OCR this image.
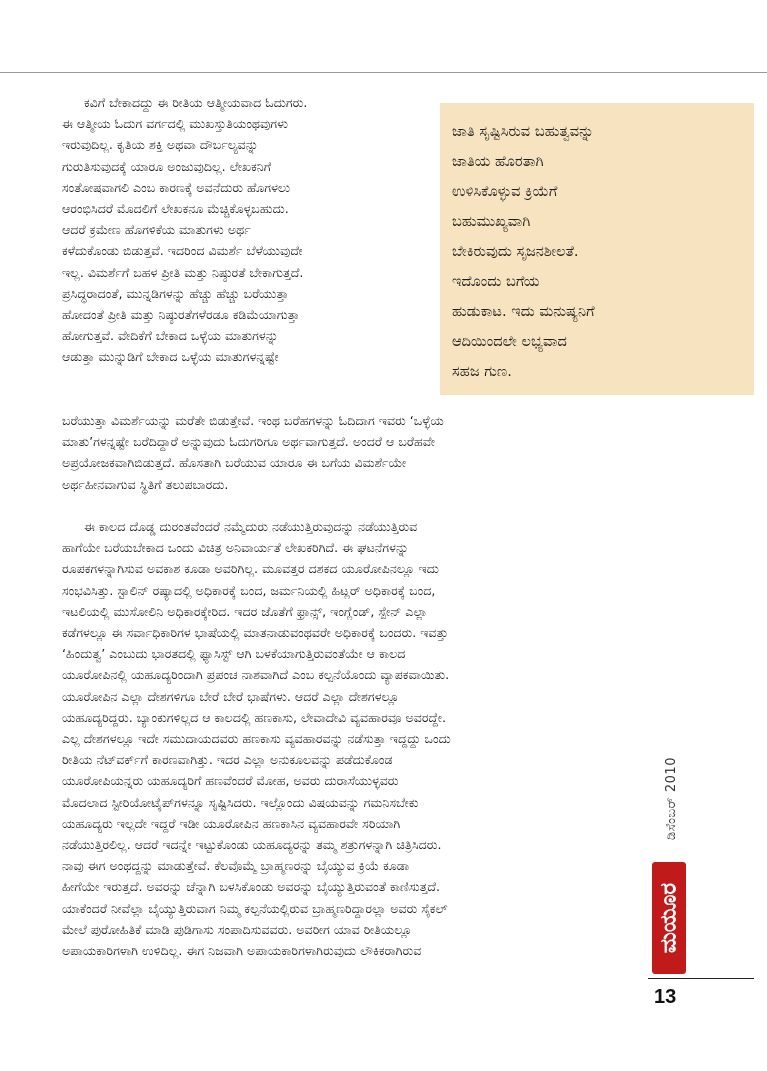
ಕವಿಗೆ ಬೇಕಾದದ್ದು ಈ ರೀತಿಯ ಆತ್ಮೀಯವಾದ ಓದುಗರು.
ಈ ಆತ್ಮೀಯ ಓದುಗ ವರ್ಗದಲ್ಲಿ ಮುಖಸ್ತುತಿಯಂಥವುಗಳು
ಇರುವುದಿಲ್ಲ. ಕೃತಿಯ ಶಕ್ತಿ ಅಥವಾ ದೌರ್ಬಲ್ಯವನ್ನು
ಗುರುತಿಸುವುದಕ್ಕೆ ಯಾರೂ ಅಂಜುವುದಿಲ್ಲ. ಲೇಖಕನಿಗೆ
ಸಂತೋಷವಾಗಲಿ ಎಂಬ ಕಾರಣಕ್ಕೆ ಅವನೆದುರು ಹೊಗಳಲು
ಆರಂಭಿಸಿದರೆ ಮೊದಲಿಗೆ ಲೇಖಕನೂ ಮೆಚ್ಚಿಕೊಳ್ಳಬಹುದು.
ಆದರೆ ಕ್ರಮೇಣ ಹೊಗಳಿಕೆಯ ಮಾತುಗಳು ಅರ್ಥ
ಕಳೆದುಕೊಂಡು ಬಿಡುತ್ತವೆ. ಇದರಿಂದ ವಿಮರ್ಶೆ ಬೆಳೆಯುವುದೇ
ಇಲ್ಲ. ವಿಮರ್ಶೆಗೆ ಬಹಳ ಪ್ರೀತಿ ಮತ್ತು ನಿಷ್ಠುರತೆ ಬೇಕಾಗುತ್ತದೆ.
ಪ್ರಸಿದ್ಧರಾದಂತೆ, ಮುನ್ನಡಿಗಳನ್ನು ಹೆಚ್ಚು ಹೆಚ್ಚು ಬರೆಯುತ್ತಾ
ಹೋದಂತೆ ಪ್ರೀತಿ ಮತ್ತು ನಿಷ್ಠುರತೆಗಳೆರಡೂ ಕಡಿಮೆಯಾಗುತ್ತಾ
ಹೋಗುತ್ತವೆ. ವೇದಿಕೆಗೆ ಬೇಕಾದ ಒಳ್ಳೆಯ ಮಾತುಗಳನ್ನು
ಆಡುತ್ತಾ ಮುನ್ನುಡಿಗೆ ಬೇಕಾದ ಒಳ್ಳೆಯ ಮಾತುಗಳನ್ನಷ್ಟೇ
ಜಾತಿ ಸೃಷ್ಟಿಸಿರುವ ಬಹುತ್ವವನ್ನು
ಜಾತಿಯ ಹೊರತಾಗಿ
ಉಳಿಸಿಕೊಳ್ಳುವ ಕ್ರಿಯೆಗೆ
ಬಹುಮುಖ್ಯವಾಗಿ
ಬೇಕಿರುವುದು ಸೃಜನಶೀಲತೆ.
ಇದೊಂದು ಬಗೆಯ
ಹುಡುಕಾಟ. ಇದು ಮನುಷ್ಯನಿಗೆ
ಆದಿಯಿಂದಲೇ ಲಭ್ಯವಾದ
ಸಹಜ ಗುಣ.
ಬರೆಯುತ್ತಾ ವಿಮರ್ಶೆಯನ್ನು ಮರೆತೇ ಬಿಡುತ್ತೇವೆ. ಇಂಥ ಬರೆಹಗಳನ್ನು ಓದಿದಾಗ ಇವರು ‘ಒಳ್ಳೆಯ
ಮಾತು’ಗಳನ್ನಷ್ಟೇ ಬರೆದಿದ್ದಾರೆ ಅನ್ನುವುದು ಓದುಗರಿಗೂ ಅರ್ಥವಾಗುತ್ತದೆ. ಅಂದರೆ ಆ ಬರೆಹವೇ
ಅಪ್ರಯೋಜಕವಾಗಿಬಿಡುತ್ತದೆ. ಹೊಸತಾಗಿ ಬರೆಯುವ ಯಾರೂ ಈ ಬಗೆಯ ವಿಮರ್ಶೆಯೇ
ಅರ್ಥಹೀನವಾಗುವ ಸ್ಥಿತಿಗೆ ತಲುಪಬಾರದು.
ಈ ಕಾಲದ ದೊಡ್ಡ ದುರಂತವೆಂದರೆ ನಮ್ಮೆದುರು ನಡೆಯುತ್ತಿರುವುದನ್ನು ನಡೆಯುತ್ತಿರುವ
ಹಾಗೆಯೇ ಬರೆಯಬೇಕಾದ ಒಂದು ವಿಚಿತ್ರ ಅನಿವಾರ್ಯತೆ ಲೇಖಕರಿಗಿದೆ. ಈ ಘಟನೆಗಳನ್ನು
ರೂಪಕಗಳನ್ನಾಗಿಸುವ ಅವಕಾಶ ಕೂಡಾ ಅವರಿಗಿಲ್ಲ. ಮೂವತ್ತರ ದಶಕದ ಯೂರೋಪಿನಲ್ಲೂ ಇದು
ಸಂಭವಿಸಿತ್ತು. ಸ್ಟಾಲಿನ್ ರಷ್ಯಾದಲ್ಲಿ ಅಧಿಕಾರಕ್ಕೆ ಬಂದ, ಜರ್ಮನಿಯಲ್ಲಿ ಹಿಟ್ಲರ್ ಅಧಿಕಾರಕ್ಕೆ ಬಂದ,
ಇಟಲಿಯಲ್ಲಿ ಮುಸೋಲಿನಿ ಅಧಿಕಾರಕ್ಕೇರಿದ. ಇದರ ಜೊತೆಗೆ ಫ್ರಾನ್ಸ್, ಇಂಗ್ಲೆಂಡ್, ಸ್ಪೇನ್ ಎಲ್ಲಾ
ಕಡೆಗಳಲ್ಲೂ ಈ ಸರ್ವಾಧಿಕಾರಿಗಳ ಭಾಷೆಯಲ್ಲಿ ಮಾತನಾಡುವಂಥವರೇ ಅಧಿಕಾರಕ್ಕೆ ಬಂದರು. ಇವತ್ತು
‘ಹಿಂದುತ್ವ’ ಎಂಬುದು ಭಾರತದಲ್ಲಿ ಫ್ಯಾಸಿಸ್ಟ್ ಆಗಿ ಬಳಕೆಯಾಗುತ್ತಿರುವಂತೆಯೇ ಆ ಕಾಲದ
ಯೂರೋಪಿನಲ್ಲಿ ಯಹೂದ್ಯರಿಂದಾಗಿ ಪ್ರಪಂಚ ನಾಶವಾಗಿದೆ ಎಂಬ ಕಲ್ಪನೆಯೊಂದು ವ್ಯಾಪಕವಾಯಿತು.
ಯೂರೋಪಿನ ಎಲ್ಲಾ ದೇಶಗಳಿಗೂ ಬೇರೆ ಬೇರೆ ಭಾಷೆಗಳು. ಆದರೆ ಎಲ್ಲಾ ದೇಶಗಳಲ್ಲೂ
ಯಹೂದ್ಯರಿದ್ದರು. ಬ್ಯಾಂಕುಗಳಿಲ್ಲದ ಆ ಕಾಲದಲ್ಲಿ ಹಣಕಾಸು, ಲೇವಾದೇವಿ ವ್ಯವಹಾರವೂ ಅವರದ್ದೇ.
ಎಲ್ಲ ದೇಶಗಳಲ್ಲೂ ಇದೇ ಸಮುದಾಯದವರು ಹಣಕಾಸು ವ್ಯವಹಾರವನ್ನು ನಡೆಸುತ್ತಾ ಇದ್ದದ್ದು ಒಂದು
ರೀತಿಯ ನೆಟ್‌ವರ್ಕ್‌ಗೆ ಕಾರಣವಾಗಿತ್ತು. ಇದರ ಎಲ್ಲಾ ಅನುಕೂಲವನ್ನು ಪಡೆದುಕೊಂಡ
ಯೂರೋಪಿಯನ್ನರು ಯಹೂದ್ಯರಿಗೆ ಹಣವೆಂದರೆ ಮೋಹ, ಅವರು ದುರಾಸೆಯುಳ್ಳವರು
ಮೊದಲಾದ ಸ್ಟೀರಿಯೋಟೈಪ್‌ಗಳನ್ನೂ ಸೃಷ್ಟಿಸಿದರು. ಇಲ್ಲೊಂದು ವಿಷಯವನ್ನು ಗಮನಿಸಬೇಕು
ಯಹೂದ್ಯರು ಇಲ್ಲದೇ ಇದ್ದರೆ ಇಡೀ ಯೂರೋಪಿನ ಹಣಕಾಸಿನ ವ್ಯವಹಾರವೇ ಸರಿಯಾಗಿ
ನಡೆಯುತ್ತಿರಲಿಲ್ಲ. ಆದರೆ ಇದನ್ನೇ ಇಟ್ಟುಕೊಂಡು ಯಹೂದ್ಯರನ್ನು ತಮ್ಮ ಶತ್ರುಗಳನ್ನಾಗಿ ಚಿತ್ರಿಸಿದರು.
ನಾವು ಈಗ ಅಂಥದ್ದನ್ನು ಮಾಡುತ್ತೇವೆ. ಕೆಲವೊಮ್ಮೆ ಬ್ರಾಹ್ಮಣರನ್ನು ಬೈಯ್ಯುವ ಕ್ರಿಯೆ ಕೂಡಾ
ಹೀಗೆಯೇ ಇರುತ್ತದೆ. ಅವರನ್ನು ಚೆನ್ನಾಗಿ ಬಳಸಿಕೊಂಡು ಅವರನ್ನು ಬೈಯ್ಯುತ್ತಿರುವಂತೆ ಕಾಣಿಸುತ್ತದೆ.
ಯಾಕೆಂದರೆ ನೀವೆಲ್ಲಾ ಬೈಯ್ಯುತ್ತಿರುವಾಗ ನಿಮ್ಮ ಕಲ್ಪನೆಯಲ್ಲಿರುವ ಬ್ರಾಹ್ಮಣರಿದ್ದಾರಲ್ಲಾ ಅವರು ಸೈಕಲ್
ಮೇಲೆ ಪುರೋಹಿತಿಕೆ ಮಾಡಿ ಪುಡಿಗಾಸು ಸಂಪಾದಿಸುವವರು. ಅವರೀಗ ಯಾವ ರೀತಿಯಲ್ಲೂ
ಅಪಾಯಕಾರಿಗಳಾಗಿ ಉಳಿದಿಲ್ಲ. ಈಗ ನಿಜವಾಗಿ ಅಪಾಯಕಾರಿಗಳಾಗಿರುವುದು ಲೌಕಿಕರಾಗಿರುವ
ಡಿಸೆಂಬರ್ 2010
ಮಯೂರ
13
